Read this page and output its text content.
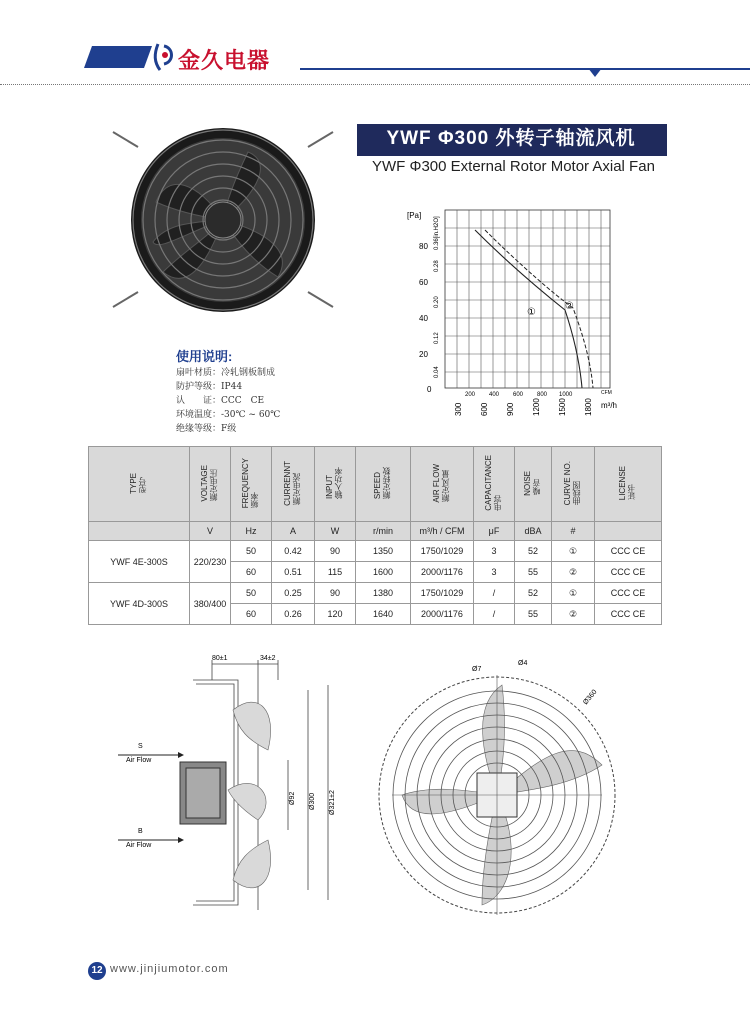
金久电器
YWF Φ300 外转子轴流风机
YWF Φ300 External Rotor Motor Axial Fan
[Pa]
80
60
40
20
0
0.36[in.H2O]
0.28
0.20
0.12
0.04
200 400 600 800 1000	CFM
300 600 900 1200 1500 1800 m³/h
①
②
使用说明:
扇叶材质：冷轧钢板制成
防护等级：IP44
认　　证：CCC　CE
环境温度：-30℃ ~ 60℃
绝缘等级：F级
TYPE型号	VOLTAGE额定电压	FREQUENCY频率	CURRENNT额定电流	INPUT输入功率	SPEED额定转数	AIR FLOW额定风量	CAPACITANCE电容	NOISE噪音	CURVE NO.曲线图	LICENSE证书
	V	Hz	A	W	r/min	m³/h / CFM	μF	dBA	#	
YWF 4E-300S	220/230	50	0.42	90	1350	1750/1029	3	52	①	CCC CE
		60	0.51	115	1600	2000/1176	3	55	②	CCC CE
YWF 4D-300S	380/400	50	0.25	90	1380	1750/1029	/	52	①	CCC CE
		60	0.26	120	1640	2000/1176	/	55	②	CCC CE
S
Air Flow
B
Air Flow
80±1	34±2
Ø92 Ø300 Ø321±2
Ø7
Ø4
Ø360
12 www.jinjiumotor.com
